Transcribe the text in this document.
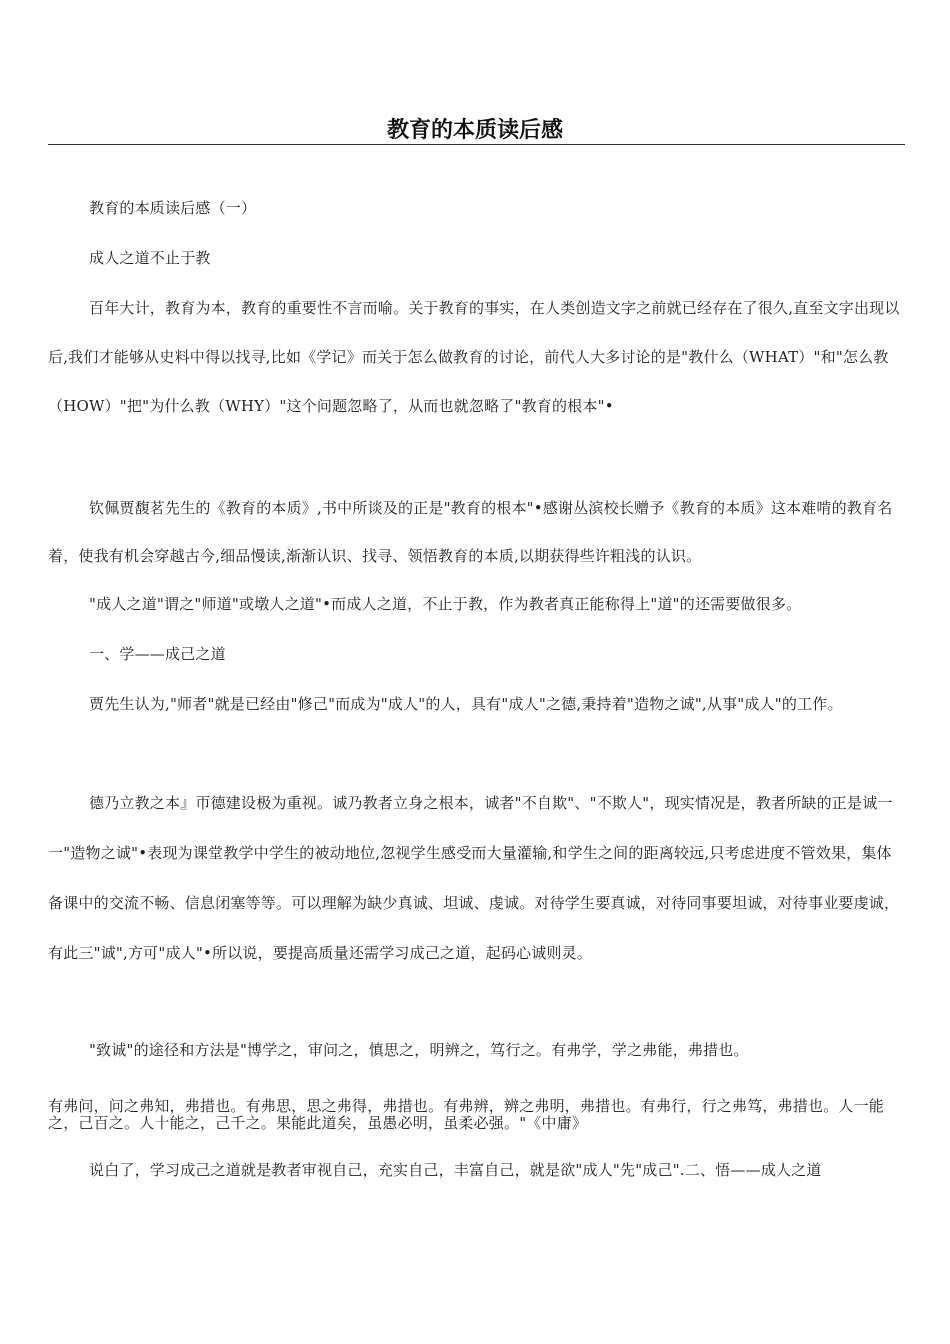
教育的本质读后感

教育的本质读后感（一）

成人之道不止于教

百年大计，教育为本，教育的重要性不言而喻。关于教育的事实，在人类创造文字之前就已经存在了很久,直至文字出现以后,我们才能够从史料中得以找寻,比如《学记》而关于怎么做教育的讨论，前代人大多讨论的是"教什么（WHAT）"和"怎么教（HOW）"把"为什么教（WHY）"这个问题忽略了，从而也就忽略了"教育的根本"•

钦佩贾馥茗先生的《教育的本质》,书中所谈及的正是"教育的根本"•感谢丛滨校长赠予《教育的本质》这本难啃的教育名着，使我有机会穿越古今,细品慢读,渐渐认识、找寻、领悟教育的本质,以期获得些许粗浅的认识。

"成人之道"谓之"师道"或墩人之道"•而成人之道，不止于教，作为教者真正能称得上"道"的还需要做很多。

一、学——成己之道

贾先生认为,"师者"就是已经由"修己"而成为"成人"的人，具有"成人"之德,秉持着"造物之诚",从事"成人"的工作。

德乃立教之本』帀德建设极为重视。诚乃教者立身之根本，诚者"不自欺"、"不欺人"，现实情况是，教者所缺的正是诚一一"造物之诚"•表现为课堂教学中学生的被动地位,忽视学生感受而大量灌输,和学生之间的距离较远,只考虑进度不管效果，集体备课中的交流不畅、信息闭塞等等。可以理解为缺少真诚、坦诚、虔诚。对待学生要真诚，对待同事要坦诚，对待事业要虔诚，有此三"诚",方可"成人"•所以说，要提高质量还需学习成己之道，起码心诚则灵。

"致诚"的途径和方法是"博学之，审问之，慎思之，明辨之，笃行之。有弗学，学之弗能，弗措也。

有弗问，问之弗知，弗措也。有弗思，思之弗得，弗措也。有弗辨，辨之弗明，弗措也。有弗行，行之弗笃，弗措也。人一能之，己百之。人十能之，己千之。果能此道矣，虽愚必明，虽柔必强。"《中庸》

说白了，学习成己之道就是教者审视自己，充实自己，丰富自己，就是欲"成人"先"成己".二、悟——成人之道
